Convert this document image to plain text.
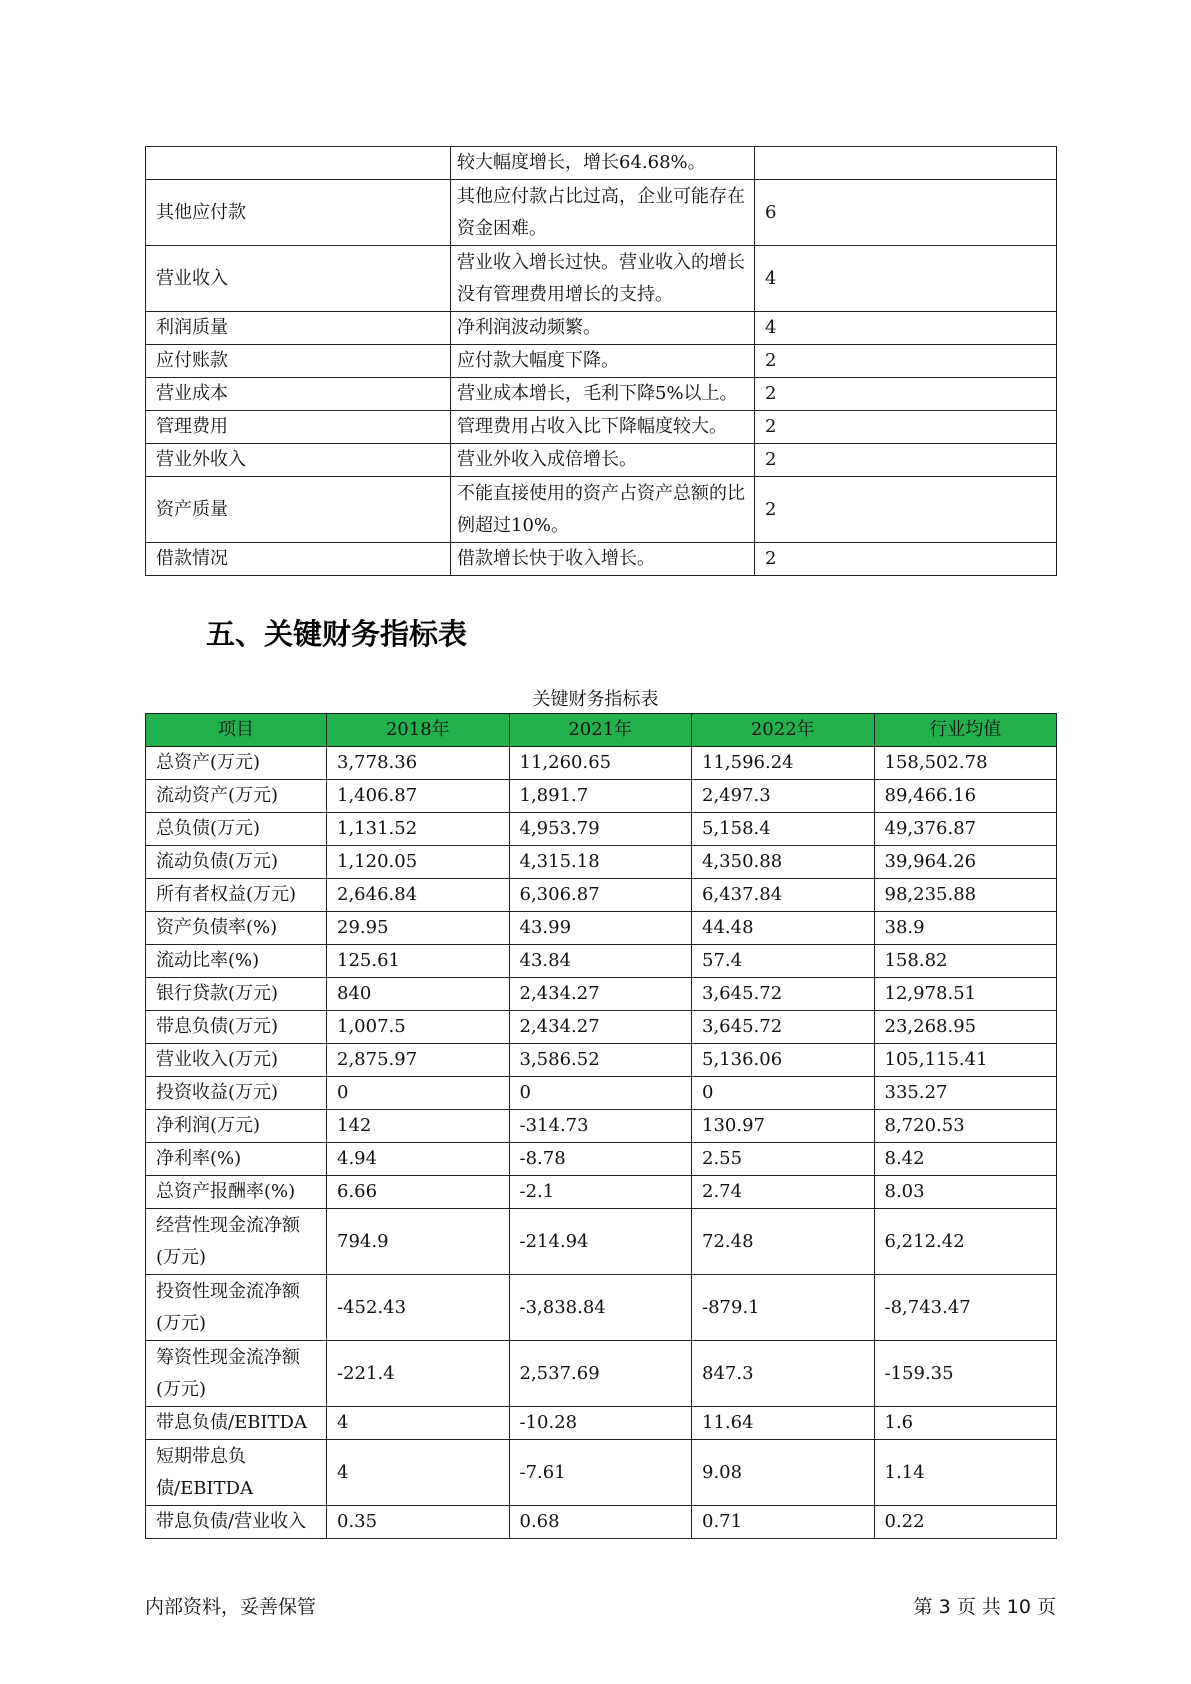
	较大幅度增长，增长64.68%。	
其他应付款	其他应付款占比过高，企业可能存在资金困难。	6
营业收入	营业收入增长过快。营业收入的增长没有管理费用增长的支持。	4
利润质量	净利润波动频繁。	4
应付账款	应付款大幅度下降。	2
营业成本	营业成本增长，毛利下降5%以上。	2
管理费用	管理费用占收入比下降幅度较大。	2
营业外收入	营业外收入成倍增长。	2
资产质量	不能直接使用的资产占资产总额的比例超过10%。	2
借款情况	借款增长快于收入增长。	2
五、关键财务指标表
关键财务指标表
项目	2018年	2021年	2022年	行业均值
总资产(万元)	3,778.36	11,260.65	11,596.24	158,502.78
流动资产(万元)	1,406.87	1,891.7	2,497.3	89,466.16
总负债(万元)	1,131.52	4,953.79	5,158.4	49,376.87
流动负债(万元)	1,120.05	4,315.18	4,350.88	39,964.26
所有者权益(万元)	2,646.84	6,306.87	6,437.84	98,235.88
资产负债率(%)	29.95	43.99	44.48	38.9
流动比率(%)	125.61	43.84	57.4	158.82
银行贷款(万元)	840	2,434.27	3,645.72	12,978.51
带息负债(万元)	1,007.5	2,434.27	3,645.72	23,268.95
营业收入(万元)	2,875.97	3,586.52	5,136.06	105,115.41
投资收益(万元)	0	0	0	335.27
净利润(万元)	142	-314.73	130.97	8,720.53
净利率(%)	4.94	-8.78	2.55	8.42
总资产报酬率(%)	6.66	-2.1	2.74	8.03
经营性现金流净额(万元)	794.9	-214.94	72.48	6,212.42
投资性现金流净额(万元)	-452.43	-3,838.84	-879.1	-8,743.47
筹资性现金流净额(万元)	-221.4	2,537.69	847.3	-159.35
带息负债/EBITDA	4	-10.28	11.64	1.6
短期带息负债/EBITDA	4	-7.61	9.08	1.14
带息负债/营业收入	0.35	0.68	0.71	0.22
内部资料，妥善保管	第 3 页 共 10 页
